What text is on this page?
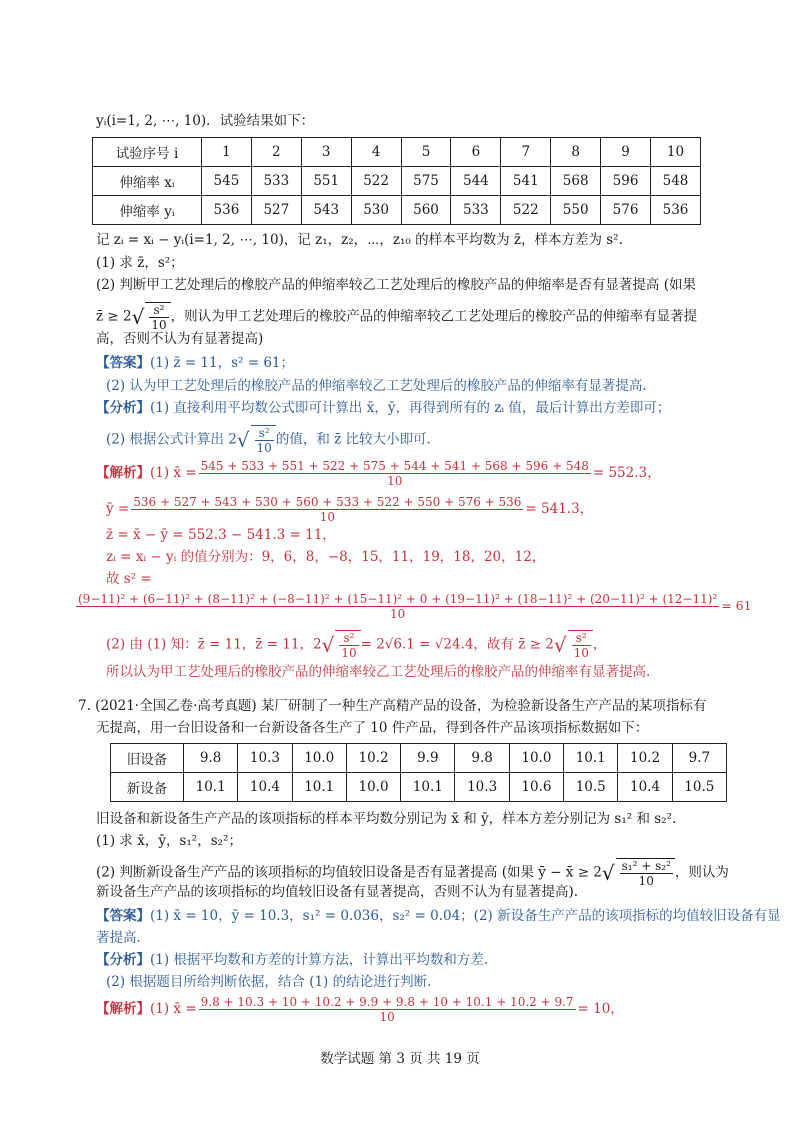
yᵢ(i=1, 2, ⋯, 10)．试验结果如下：
试验序号 i	1	2	3	4	5	6	7	8	9	10
伸缩率 xᵢ	545	533	551	522	575	544	541	568	596	548
伸缩率 yᵢ	536	527	543	530	560	533	522	550	576	536
记 zᵢ = xᵢ − yᵢ(i=1, 2, ⋯, 10)，记 z₁，z₂，⋯，z₁₀ 的样本平均数为 z̄，样本方差为 s².
(1) 求 z̄，s²；
(2) 判断甲工艺处理后的橡胶产品的伸缩率较乙工艺处理后的橡胶产品的伸缩率是否有显著提高 (如果
z̄ ≥ $2√ \frac{\text{s²}}{10}$ ，则认为甲工艺处理后的橡胶产品的伸缩率较乙工艺处理后的橡胶产品的伸缩率有显著提
高，否则不认为有显著提高)
【答案】(1) z̄ = 11，s² = 61；
(2) 认为甲工艺处理后的橡胶产品的伸缩率较乙工艺处理后的橡胶产品的伸缩率有显著提高.
【分析】(1) 直接利用平均数公式即可计算出 x̄，ȳ，再得到所有的 zᵢ 值，最后计算出方差即可；
(2) 根据公式计算出 $2√ \frac{\text{s²}}{10}$ 的值，和 z̄ 比较大小即可.
【解析】(1) x̄ = $\frac{545 + 533 + 551 + 522 + 575 + 544 + 541 + 568 + 596 + 548}{10} = 552.3$，
ȳ = $\frac{536 + 527 + 543 + 530 + 560 + 533 + 522 + 550 + 576 + 536}{10} = 541.3$，
z̄ = x̄ − ȳ = 552.3 − 541.3 = 11，
zᵢ = xᵢ − yᵢ 的值分别为：9，6，8，−8，15，11，19，18，20，12，
故 s² =
(9−11)² + (6−11)² + (8−11)² + (−8−11)² + (15−11)² + 0 + (19−11)² + (18−11)² + (20−11)² + (12−11)²
10
= 61
(2) 由 (1) 知：z̄ = 11，z̄ = 11，$2√ \frac{\text{s²}}{10} = 2√6.1 = √24.4$，故有 z̄ ≥ $2√ \frac{\text{s²}}{10}$ ，
所以认为甲工艺处理后的橡胶产品的伸缩率较乙工艺处理后的橡胶产品的伸缩率有显著提高.
7. (2021·全国乙卷·高考真题) 某厂研制了一种生产高精产品的设备，为检验新设备生产产品的某项指标有
无提高，用一台旧设备和一台新设备各生产了 10 件产品，得到各件产品该项指标数据如下：
旧设备	9.8	10.3	10.0	10.2	9.9	9.8	10.0	10.1	10.2	9.7
新设备	10.1	10.4	10.1	10.0	10.1	10.3	10.6	10.5	10.4	10.5
旧设备和新设备生产产品的该项指标的样本平均数分别记为 x̄ 和 ȳ，样本方差分别记为 s₁² 和 s₂².
(1) 求 x̄，ȳ，s₁²，s₂²；
(2) 判断新设备生产产品的该项指标的均值较旧设备是否有显著提高 (如果 ȳ − x̄ ≥ $2√ \frac{\text{s₁² + s₂²}}{10}$ ，则认为
新设备生产产品的该项指标的均值较旧设备有显著提高，否则不认为有显著提高).
【答案】(1) x̄ = 10，ȳ = 10.3，s₁² = 0.036，s₂² = 0.04；(2) 新设备生产产品的该项指标的均值较旧设备有显
著提高.
【分析】(1) 根据平均数和方差的计算方法，计算出平均数和方差.
(2) 根据题目所给判断依据，结合 (1) 的结论进行判断.
【解析】(1) x̄ = $\frac{9.8 + 10.3 + 10 + 10.2 + 9.9 + 9.8 + 10 + 10.1 + 10.2 + 9.7}{10} = 10$，
数学试题 第 3 页 共 19 页
